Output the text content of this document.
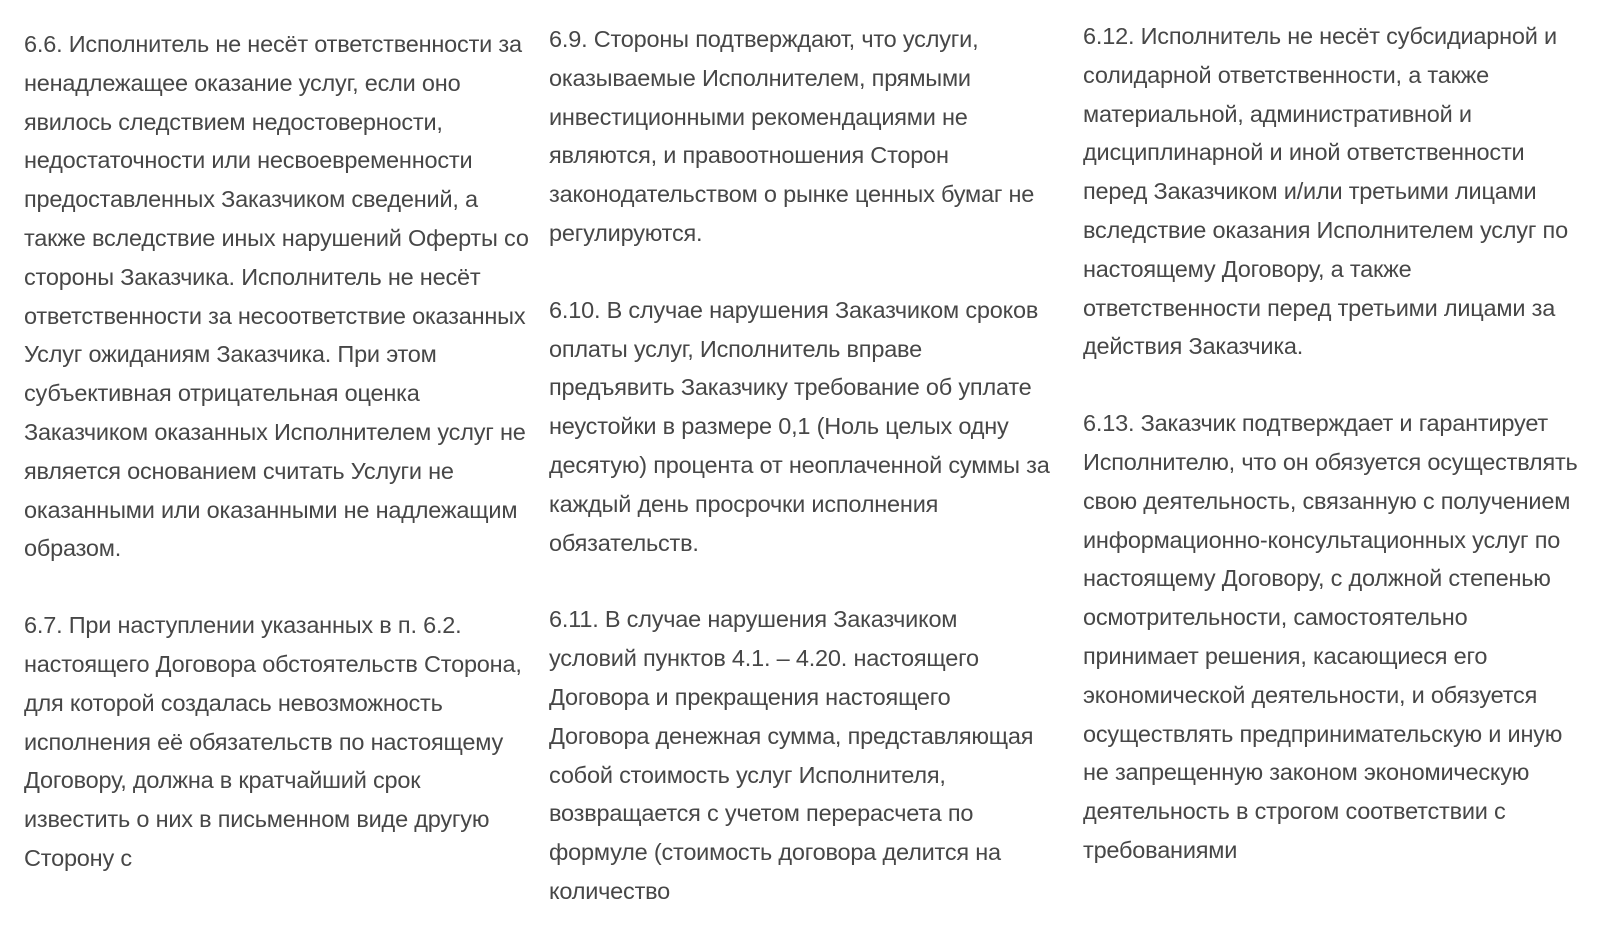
6.6. Исполнитель не несёт ответственности за ненадлежащее оказание услуг, если оно явилось следствием недостоверности, недостаточности или несвоевременности предоставленных Заказчиком сведений, а также вследствие иных нарушений Оферты со стороны Заказчика. Исполнитель не несёт ответственности за несоответствие оказанных Услуг ожиданиям Заказчика. При этом субъективная отрицательная оценка Заказчиком оказанных Исполнителем услуг не является основанием считать Услуги не оказанными или оказанными не надлежащим образом.

6.7. При наступлении указанных в п. 6.2. настоящего Договора обстоятельств Сторона, для которой создалась невозможность исполнения её обязательств по настоящему Договору, должна в кратчайший срок известить о них в письменном виде другую Сторону с

6.9. Стороны подтверждают, что услуги, оказываемые Исполнителем, прямыми инвестиционными рекомендациями не являются, и правоотношения Сторон законодательством о рынке ценных бумаг не регулируются.

6.10. В случае нарушения Заказчиком сроков оплаты услуг, Исполнитель вправе предъявить Заказчику требование об уплате неустойки в размере 0,1 (Ноль целых одну десятую) процента от неоплаченной суммы за каждый день просрочки исполнения обязательств.

6.11. В случае нарушения Заказчиком условий пунктов 4.1. – 4.20. настоящего Договора и прекращения настоящего Договора денежная сумма, представляющая собой стоимость услуг Исполнителя, возвращается с учетом перерасчета по формуле (стоимость договора делится на количество

6.12. Исполнитель не несёт субсидиарной и солидарной ответственности, а также материальной, административной и дисциплинарной и иной ответственности перед Заказчиком и/или третьими лицами вследствие оказания Исполнителем услуг по настоящему Договору, а также ответственности перед третьими лицами за действия Заказчика.

6.13. Заказчик подтверждает и гарантирует Исполнителю, что он обязуется осуществлять свою деятельность, связанную с получением информационно-консультационных услуг по настоящему Договору, с должной степенью осмотрительности, самостоятельно принимает решения, касающиеся его экономической деятельности, и обязуется осуществлять предпринимательскую и иную не запрещенную законом экономическую деятельность в строгом соответствии с требованиями
